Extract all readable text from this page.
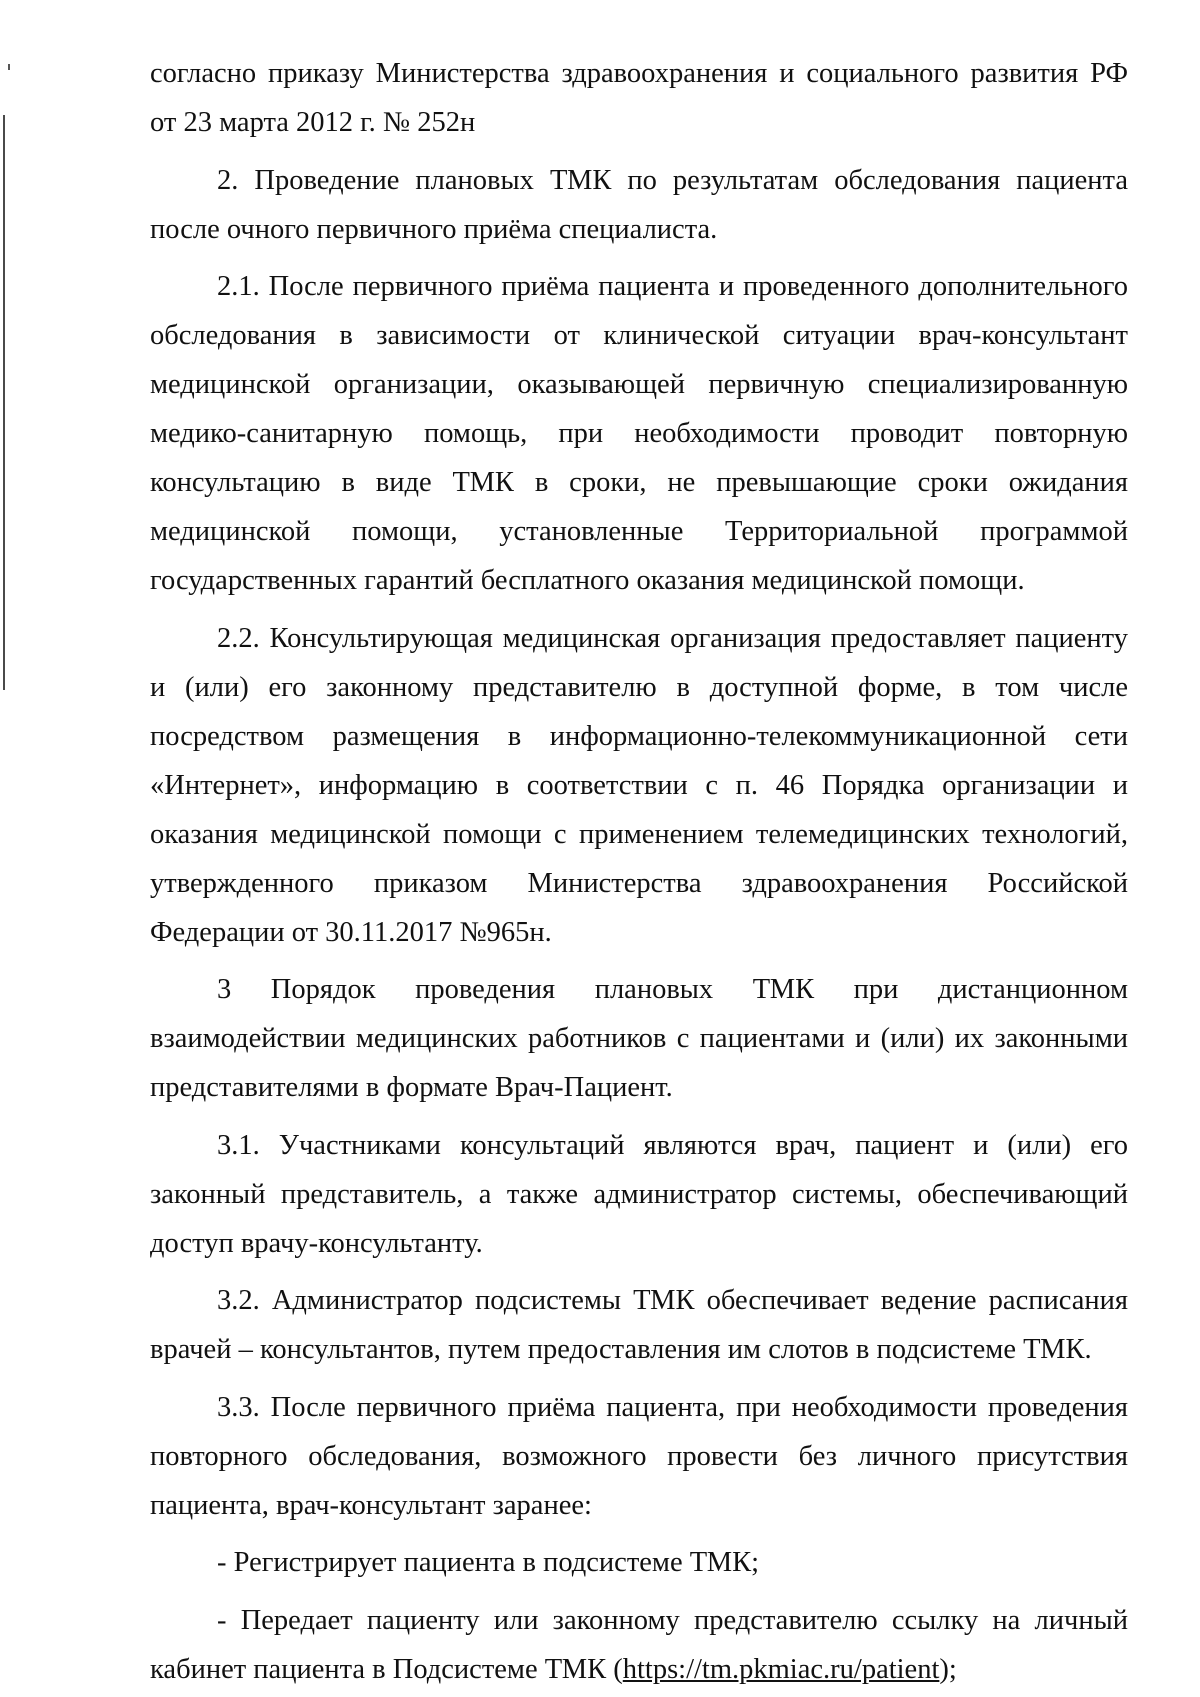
согласно приказу Министерства здравоохранения и социального развития РФ от 23 марта 2012 г. № 252н

2. Проведение плановых ТМК по результатам обследования пациента после очного первичного приёма специалиста.

2.1. После первичного приёма пациента и проведенного дополнительного обследования в зависимости от клинической ситуации врач-консультант медицинской организации, оказывающей первичную специализированную медико-санитарную помощь, при необходимости проводит повторную консультацию в виде ТМК в сроки, не превышающие сроки ожидания медицинской помощи, установленные Территориальной программой государственных гарантий бесплатного оказания медицинской помощи.

2.2. Консультирующая медицинская организация предоставляет пациенту и (или) его законному представителю в доступной форме, в том числе посредством размещения в информационно-телекоммуникационной сети «Интернет», информацию в соответствии с п. 46 Порядка организации и оказания медицинской помощи с применением телемедицинских технологий, утвержденного приказом Министерства здравоохранения Российской Федерации от 30.11.2017 №965н.

3 Порядок проведения плановых ТМК при дистанционном взаимодействии медицинских работников с пациентами и (или) их законными представителями в формате Врач-Пациент.

3.1. Участниками консультаций являются врач, пациент и (или) его законный представитель, а также администратор системы, обеспечивающий доступ врачу-консультанту.

3.2. Администратор подсистемы ТМК обеспечивает ведение расписания врачей – консультантов, путем предоставления им слотов в подсистеме ТМК.

3.3. После первичного приёма пациента, при необходимости проведения повторного обследования, возможного провести без личного присутствия пациента, врач-консультант заранее:

- Регистрирует пациента в подсистеме ТМК;

- Передает пациенту или законному представителю ссылку на личный кабинет пациента в Подсистеме ТМК (https://tm.pkmiac.ru/patient);
